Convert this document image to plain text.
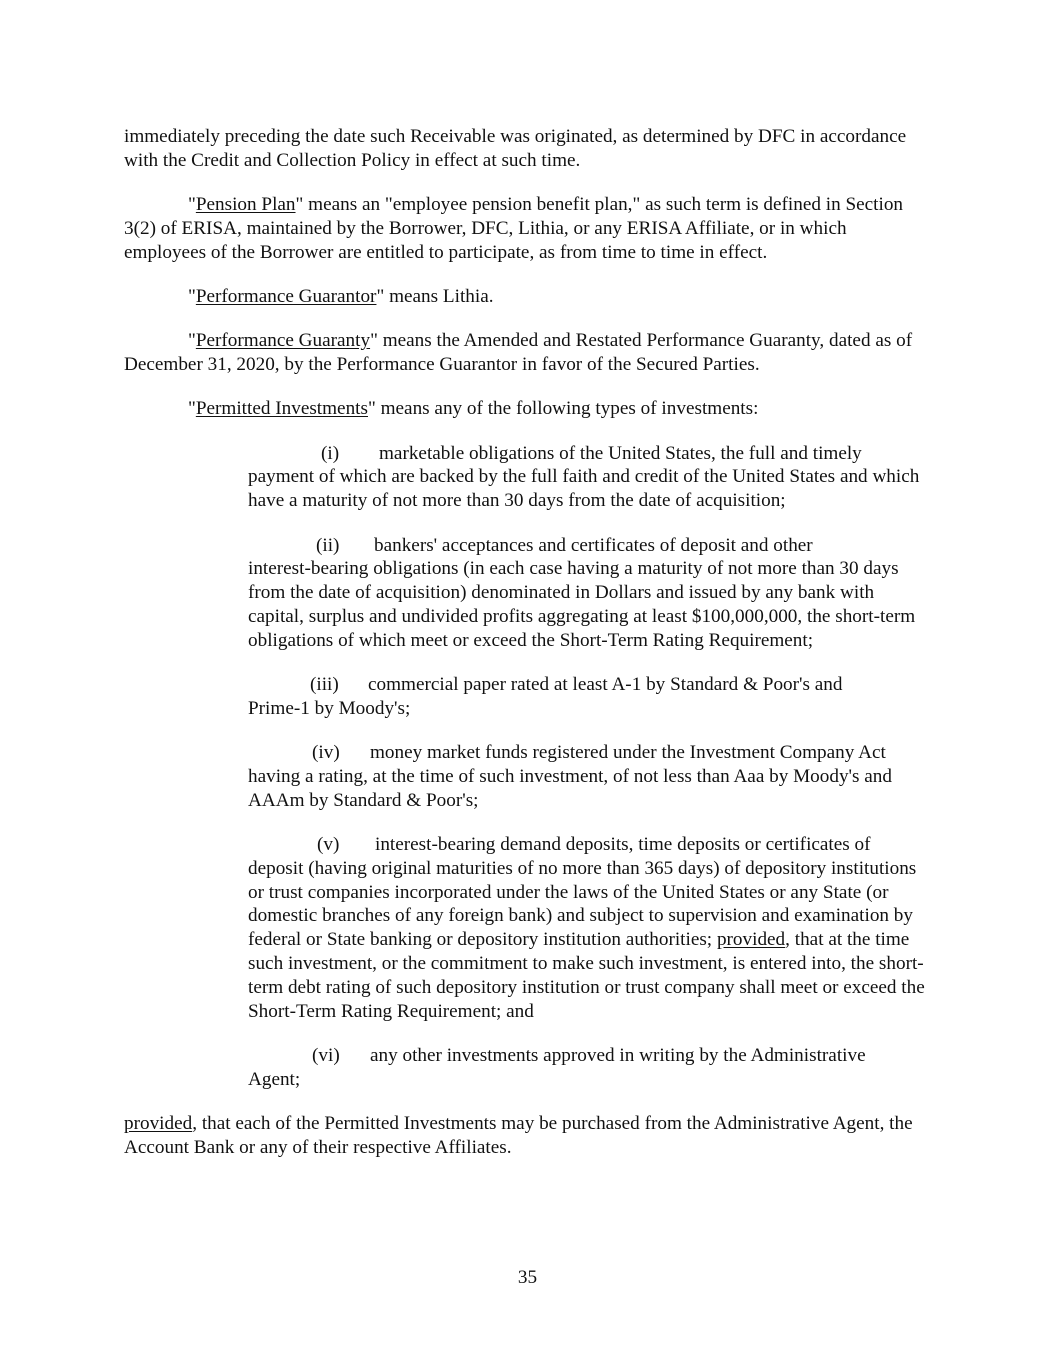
immediately preceding the date such Receivable was originated, as determined by DFC in accordance with the Credit and Collection Policy in effect at such time.

"Pension Plan" means an "employee pension benefit plan," as such term is defined in Section 3(2) of ERISA, maintained by the Borrower, DFC, Lithia, or any ERISA Affiliate, or in which employees of the Borrower are entitled to participate, as from time to time in effect.

"Performance Guarantor" means Lithia.

"Performance Guaranty" means the Amended and Restated Performance Guaranty, dated as of December 31, 2020, by the Performance Guarantor in favor of the Secured Parties.

"Permitted Investments" means any of the following types of investments:

(i) marketable obligations of the United States, the full and timely
payment of which are backed by the full faith and credit of the United States and which have a maturity of not more than 30 days from the date of acquisition;
(ii) bankers' acceptances and certificates of deposit and other
interest-bearing obligations (in each case having a maturity of not more than 30 days from the date of acquisition) denominated in Dollars and issued by any bank with capital, surplus and undivided profits aggregating at least $100,000,000, the short-term obligations of which meet or exceed the Short-Term Rating Requirement;
(iii) commercial paper rated at least A-1 by Standard & Poor's and
Prime-1 by Moody's;
(iv) money market funds registered under the Investment Company Act
having a rating, at the time of such investment, of not less than Aaa by Moody's and AAAm by Standard & Poor's;
(v) interest-bearing demand deposits, time deposits or certificates of
deposit (having original maturities of no more than 365 days) of depository institutions or trust companies incorporated under the laws of the United States or any State (or domestic branches of any foreign bank) and subject to supervision and examination by federal or State banking or depository institution authorities; provided, that at the time such investment, or the commitment to make such investment, is entered into, the short-term debt rating of such depository institution or trust company shall meet or exceed the Short-Term Rating Requirement; and
(vi) any other investments approved in writing by the Administrative
Agent;

provided, that each of the Permitted Investments may be purchased from the Administrative Agent, the Account Bank or any of their respective Affiliates.

35
